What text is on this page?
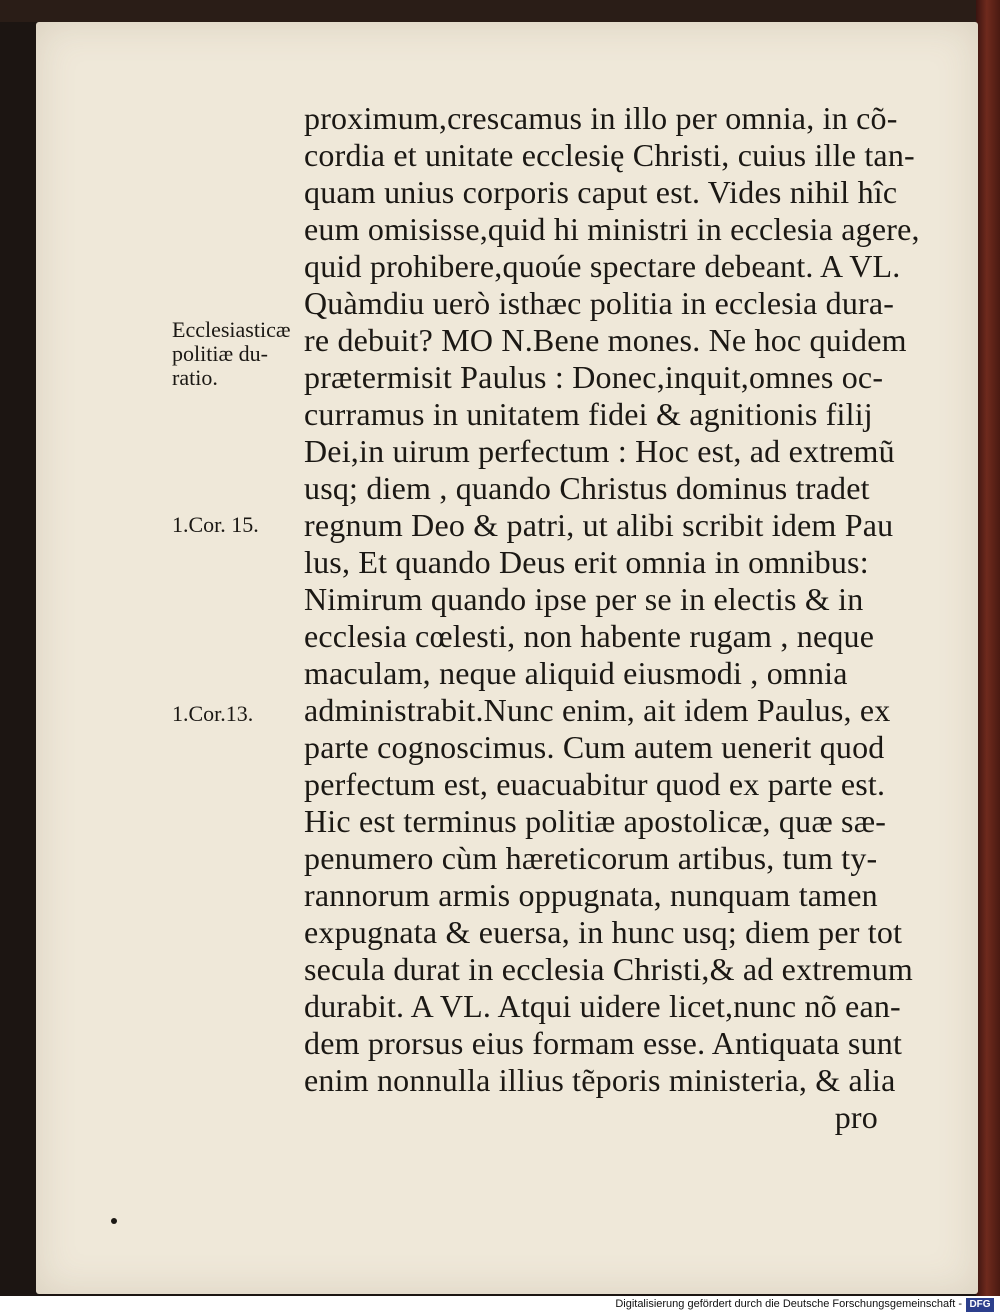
proximum,crescamus in illo per omnia, in cõ-
cordia et unitate ecclesię Christi, cuius ille tan-
quam unius corporis caput est. Vides nihil hîc
eum omisisse,quid hi ministri in ecclesia agere,
quid prohibere,quoúe spectare debeant. A VL.
Quàmdiu uerò isthæc politia in ecclesia dura-
re debuit? MO N.Bene mones. Ne hoc quidem
prætermisit Paulus : Donec,inquit,omnes oc-
curramus in unitatem fidei & agnitionis filij
Dei,in uirum perfectum : Hoc est, ad extremũ
usq; diem , quando Christus dominus tradet
regnum Deo & patri, ut alibi scribit idem Pau
lus, Et quando Deus erit omnia in omnibus:
Nimirum quando ipse per se in electis & in
ecclesia cœlesti, non habente rugam , neque
maculam, neque aliquid eiusmodi , omnia
administrabit.Nunc enim, ait idem Paulus, ex
parte cognoscimus. Cum autem uenerit quod
perfectum est, euacuabitur quod ex parte est.
Hic est terminus politiæ apostolicæ, quæ sæ-
penumero cùm hæreticorum artibus, tum ty-
rannorum armis oppugnata, nunquam tamen
expugnata & euersa, in hunc usq; diem per tot
secula durat in ecclesia Christi,& ad extremum
durabit. A VL. Atqui uidere licet,nunc nõ ean-
dem prorsus eius formam esse. Antiquata sunt
enim nonnulla illius tẽporis ministeria, & alia
pro
Ecclesiasticæ
politiæ du-
ratio.
1.Cor. 15.
1.Cor.13.
Digitalisierung gefördert durch die Deutsche Forschungsgemeinschaft - DFG
